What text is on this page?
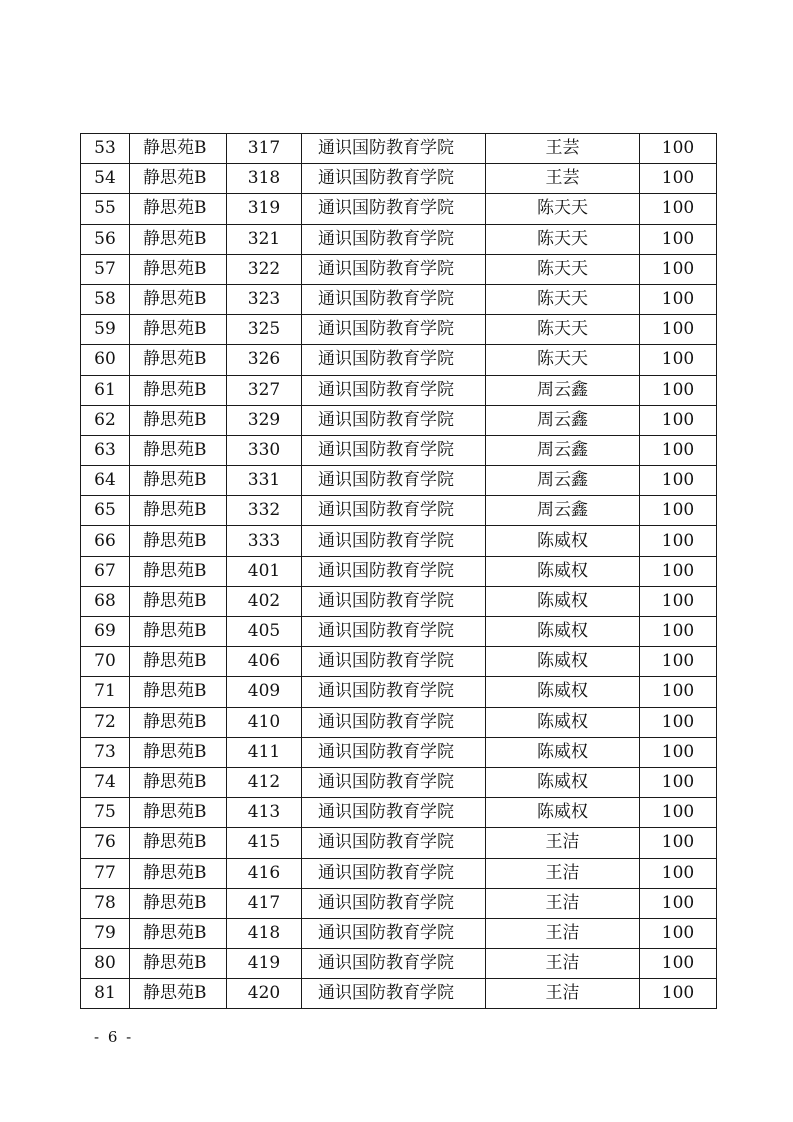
53	静思苑B	317	通识国防教育学院	王芸	100
54	静思苑B	318	通识国防教育学院	王芸	100
55	静思苑B	319	通识国防教育学院	陈天天	100
56	静思苑B	321	通识国防教育学院	陈天天	100
57	静思苑B	322	通识国防教育学院	陈天天	100
58	静思苑B	323	通识国防教育学院	陈天天	100
59	静思苑B	325	通识国防教育学院	陈天天	100
60	静思苑B	326	通识国防教育学院	陈天天	100
61	静思苑B	327	通识国防教育学院	周云鑫	100
62	静思苑B	329	通识国防教育学院	周云鑫	100
63	静思苑B	330	通识国防教育学院	周云鑫	100
64	静思苑B	331	通识国防教育学院	周云鑫	100
65	静思苑B	332	通识国防教育学院	周云鑫	100
66	静思苑B	333	通识国防教育学院	陈威权	100
67	静思苑B	401	通识国防教育学院	陈威权	100
68	静思苑B	402	通识国防教育学院	陈威权	100
69	静思苑B	405	通识国防教育学院	陈威权	100
70	静思苑B	406	通识国防教育学院	陈威权	100
71	静思苑B	409	通识国防教育学院	陈威权	100
72	静思苑B	410	通识国防教育学院	陈威权	100
73	静思苑B	411	通识国防教育学院	陈威权	100
74	静思苑B	412	通识国防教育学院	陈威权	100
75	静思苑B	413	通识国防教育学院	陈威权	100
76	静思苑B	415	通识国防教育学院	王洁	100
77	静思苑B	416	通识国防教育学院	王洁	100
78	静思苑B	417	通识国防教育学院	王洁	100
79	静思苑B	418	通识国防教育学院	王洁	100
80	静思苑B	419	通识国防教育学院	王洁	100
81	静思苑B	420	通识国防教育学院	王洁	100
- 6 -
